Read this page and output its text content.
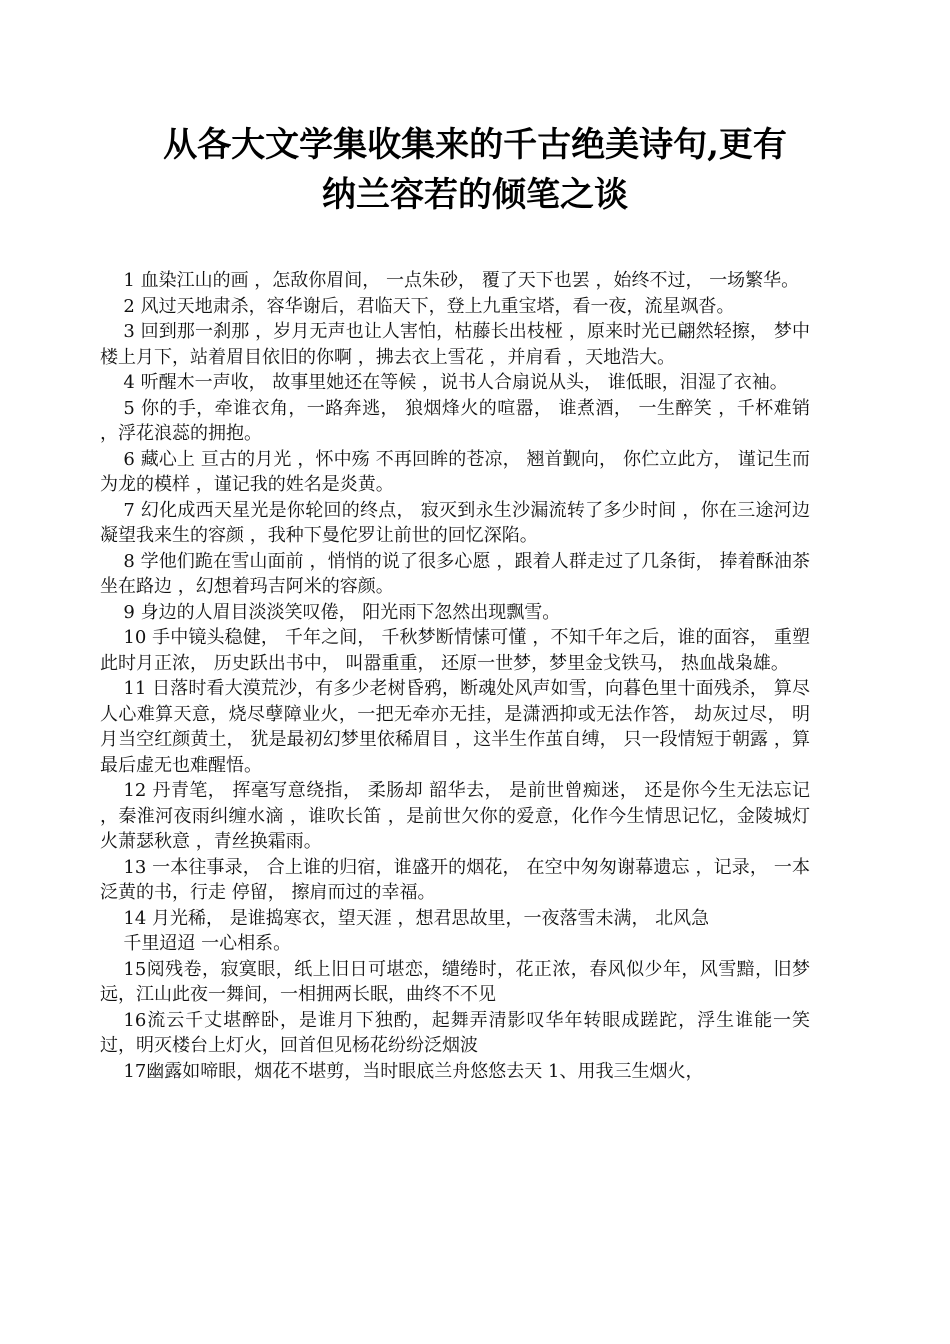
从各大文学集收集来的千古绝美诗句,更有
纳兰容若的倾笔之谈

1 血染江山的画 ，怎敌你眉间， 一点朱砂， 覆了天下也罢 ，始终不过， 一场繁华。

2 风过天地肃杀，容华谢后，君临天下，登上九重宝塔，看一夜，流星飒沓。

3 回到那一刹那 ，岁月无声也让人害怕，枯藤长出枝桠 ，原来时光已翩然轻擦， 梦中楼上月下，站着眉目依旧的你啊 ，拂去衣上雪花 ，并肩看 ，天地浩大。

4 听醒木一声收， 故事里她还在等候 ，说书人合扇说从头， 谁低眼，泪湿了衣袖。

5 你的手，牵谁衣角，一路奔逃， 狼烟烽火的喧嚣， 谁煮酒， 一生醉笑 ，千杯难销 ，浮花浪蕊的拥抱。

6 藏心上 亘古的月光 ，怀中殇 不再回眸的苍凉， 翘首觐向， 你伫立此方， 谨记生而为龙的模样 ，谨记我的姓名是炎黄。

7 幻化成西天星光是你轮回的终点， 寂灭到永生沙漏流转了多少时间 ，你在三途河边凝望我来生的容颜 ，我种下曼佗罗让前世的回忆深陷。

8 学他们跪在雪山面前 ，悄悄的说了很多心愿 ，跟着人群走过了几条街， 捧着酥油茶坐在路边 ，幻想着玛吉阿米的容颜。

9 身边的人眉目淡淡笑叹倦， 阳光雨下忽然出现飘雪。

10 手中镜头稳健， 千年之间， 千秋梦断情愫可懂 ，不知千年之后，谁的面容， 重塑此时月正浓， 历史跃出书中， 叫嚣重重， 还原一世梦，梦里金戈铁马， 热血战枭雄。

11 日落时看大漠荒沙，有多少老树昏鸦，断魂处风声如雪，向暮色里十面残杀， 算尽人心难算天意，烧尽孽障业火，一把无牵亦无挂，是潇洒抑或无法作答， 劫灰过尽， 明月当空红颜黄土， 犹是最初幻梦里依稀眉目 ，这半生作茧自缚， 只一段情短于朝露 ，算最后虚无也难醒悟。

12 丹青笔， 挥毫写意绕指， 柔肠却 韶华去， 是前世曾痴迷， 还是你今生无法忘记 ，秦淮河夜雨纠缠水滴 ，谁吹长笛 ，是前世欠你的爱意，化作今生情思记忆，金陵城灯火萧瑟秋意 ，青丝换霜雨。

13 一本往事录， 合上谁的归宿，谁盛开的烟花， 在空中匆匆谢幕遗忘 ，记录， 一本泛黄的书，行走 停留， 擦肩而过的幸福。

14 月光稀， 是谁捣寒衣，望天涯 ，想君思故里，一夜落雪未满， 北风急

千里迢迢 一心相系。

15阅残卷，寂寞眼，纸上旧日可堪恋，缱绻时，花正浓，春风似少年，风雪黯，旧梦远，江山此夜一舞间，一相拥两长眠，曲终不不见

16流云千丈堪醉卧，是谁月下独酌，起舞弄清影叹华年转眼成蹉跎，浮生谁能一笑过，明灭楼台上灯火，回首但见杨花纷纷泛烟波

17幽露如啼眼，烟花不堪剪，当时眼底兰舟悠悠去天 1、用我三生烟火，
